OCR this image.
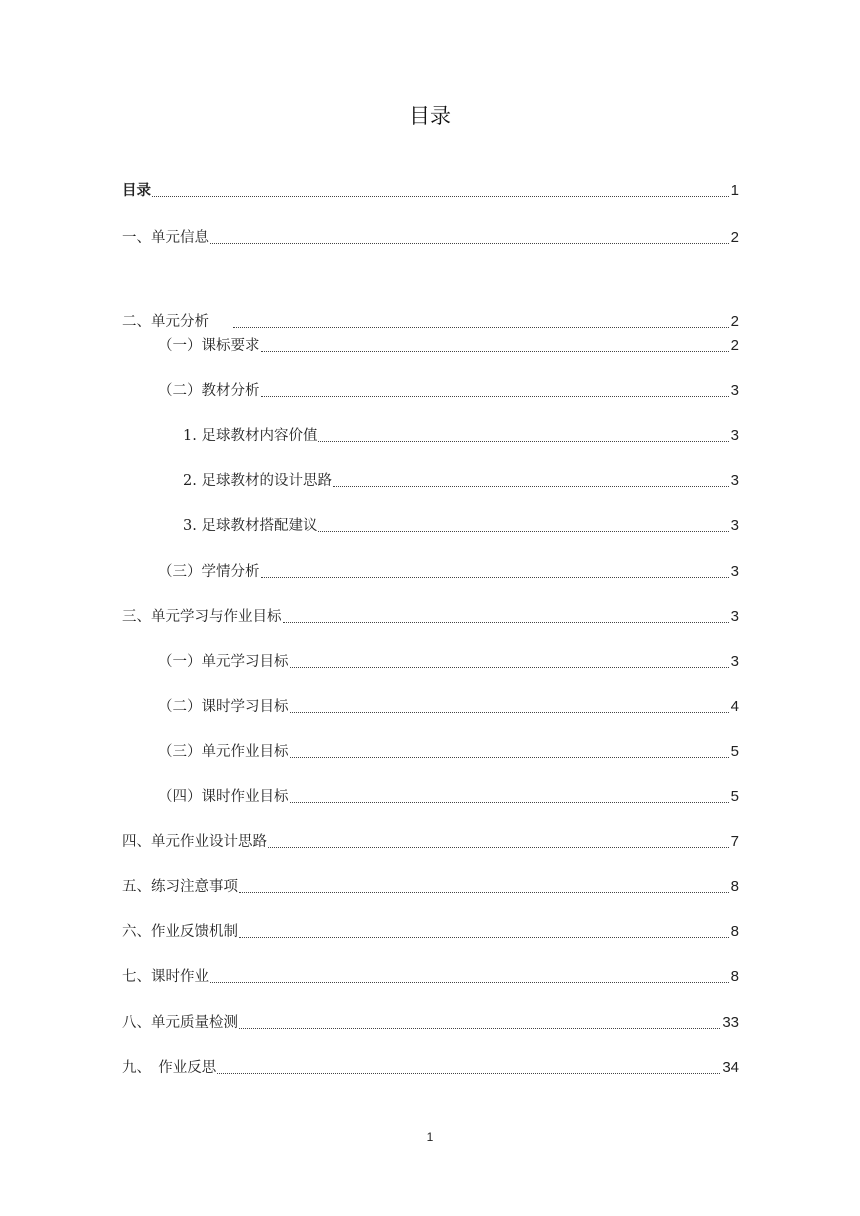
目录
目录	1
一、单元信息	2
二、单元分析	2
（一）课标要求	2
（二）教材分析	3
1. 足球教材内容价值	3
2. 足球教材的设计思路	3
3. 足球教材搭配建议	3
（三）学情分析	3
三、单元学习与作业目标	3
（一）单元学习目标	3
（二）课时学习目标	4
（三）单元作业目标	5
（四）课时作业目标	5
四、单元作业设计思路	7
五、练习注意事项	8
六、作业反馈机制	8
七、课时作业	8
八、单元质量检测	33
九、　作业反思	34
1
